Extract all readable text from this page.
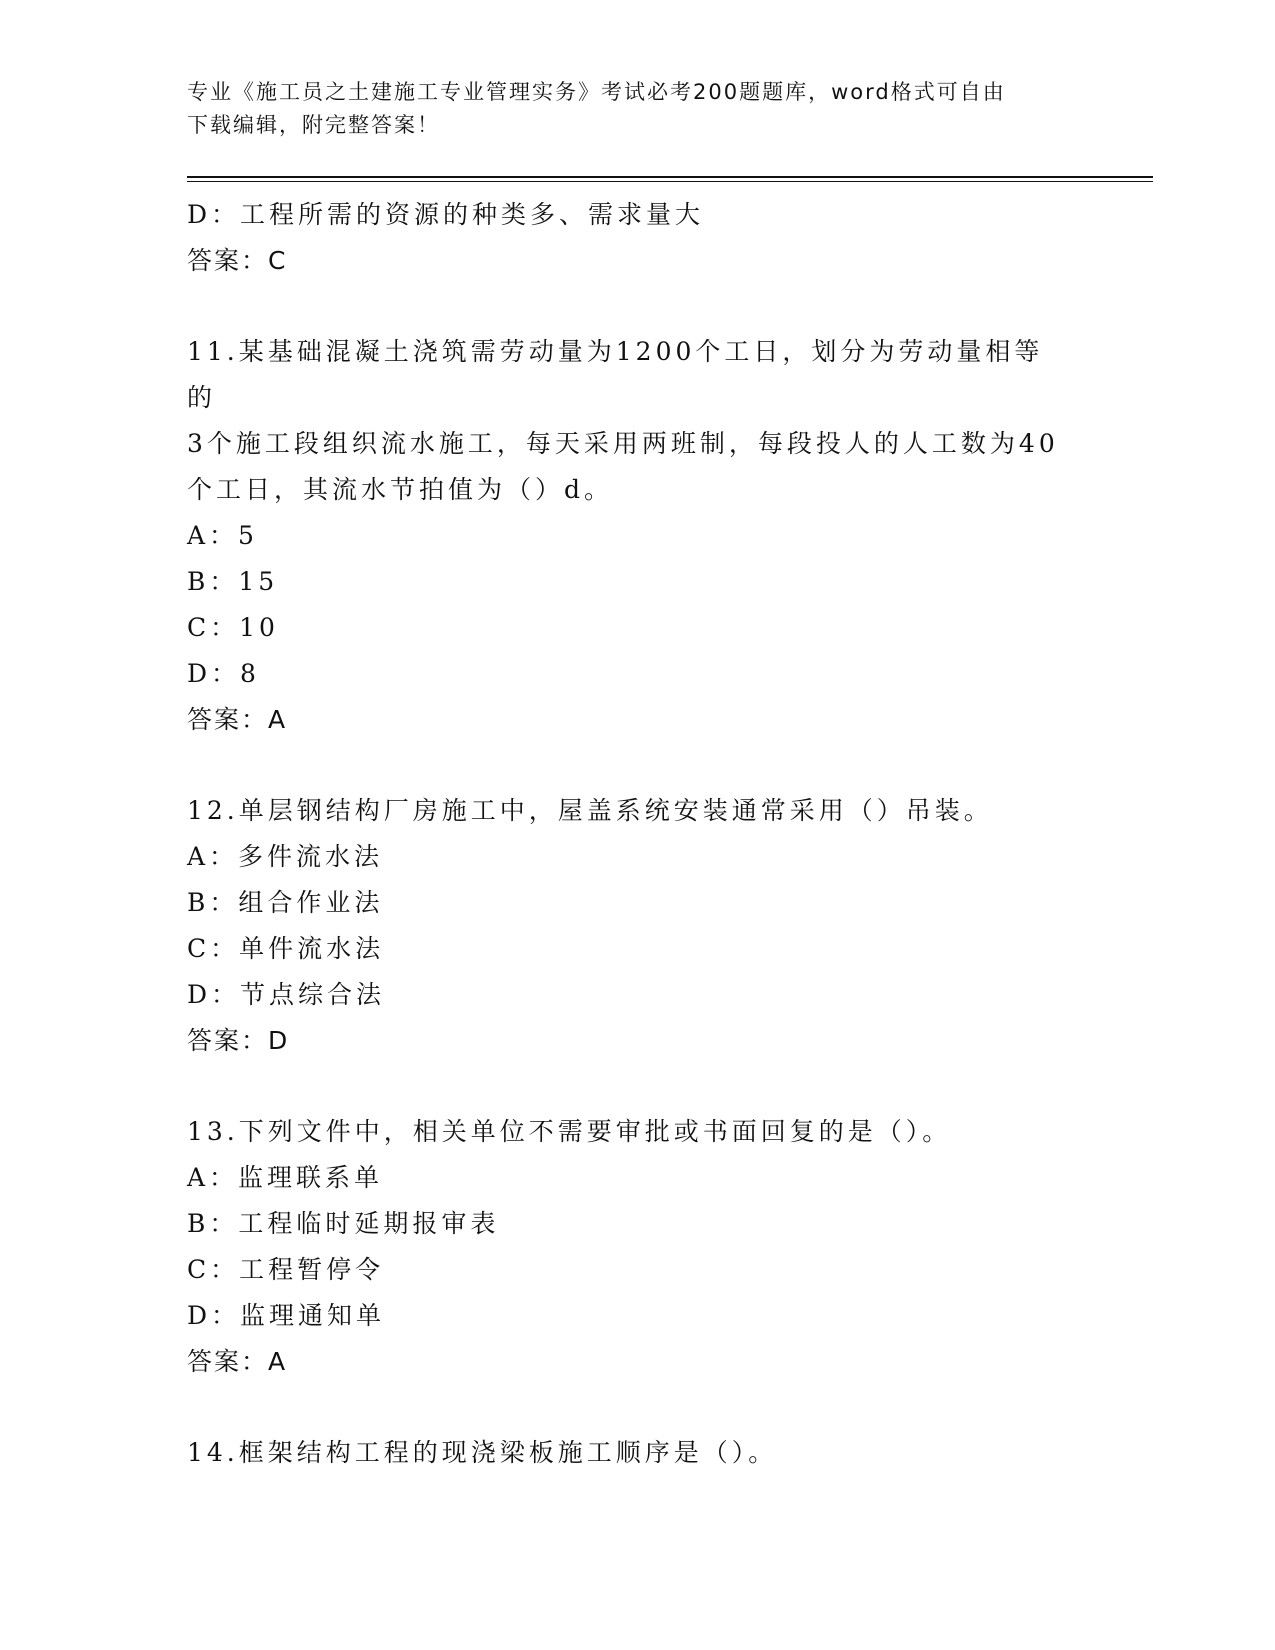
专业《施工员之土建施工专业管理实务》考试必考200题题库，word格式可自由
下载编辑，附完整答案！
D：工程所需的资源的种类多、需求量大
答案：C
11.某基础混凝土浇筑需劳动量为1200个工日，划分为劳动量相等的
3个施工段组织流水施工，每天采用两班制，每段投人的人工数为40
个工日，其流水节拍值为（）d。
A：5
B：15
C：10
D：8
答案：A
12.单层钢结构厂房施工中，屋盖系统安装通常采用（）吊装。
A：多件流水法
B：组合作业法
C：单件流水法
D：节点综合法
答案：D
13.下列文件中，相关单位不需要审批或书面回复的是（）。
A：监理联系单
B：工程临时延期报审表
C：工程暂停令
D：监理通知单
答案：A
14.框架结构工程的现浇梁板施工顺序是（）。
